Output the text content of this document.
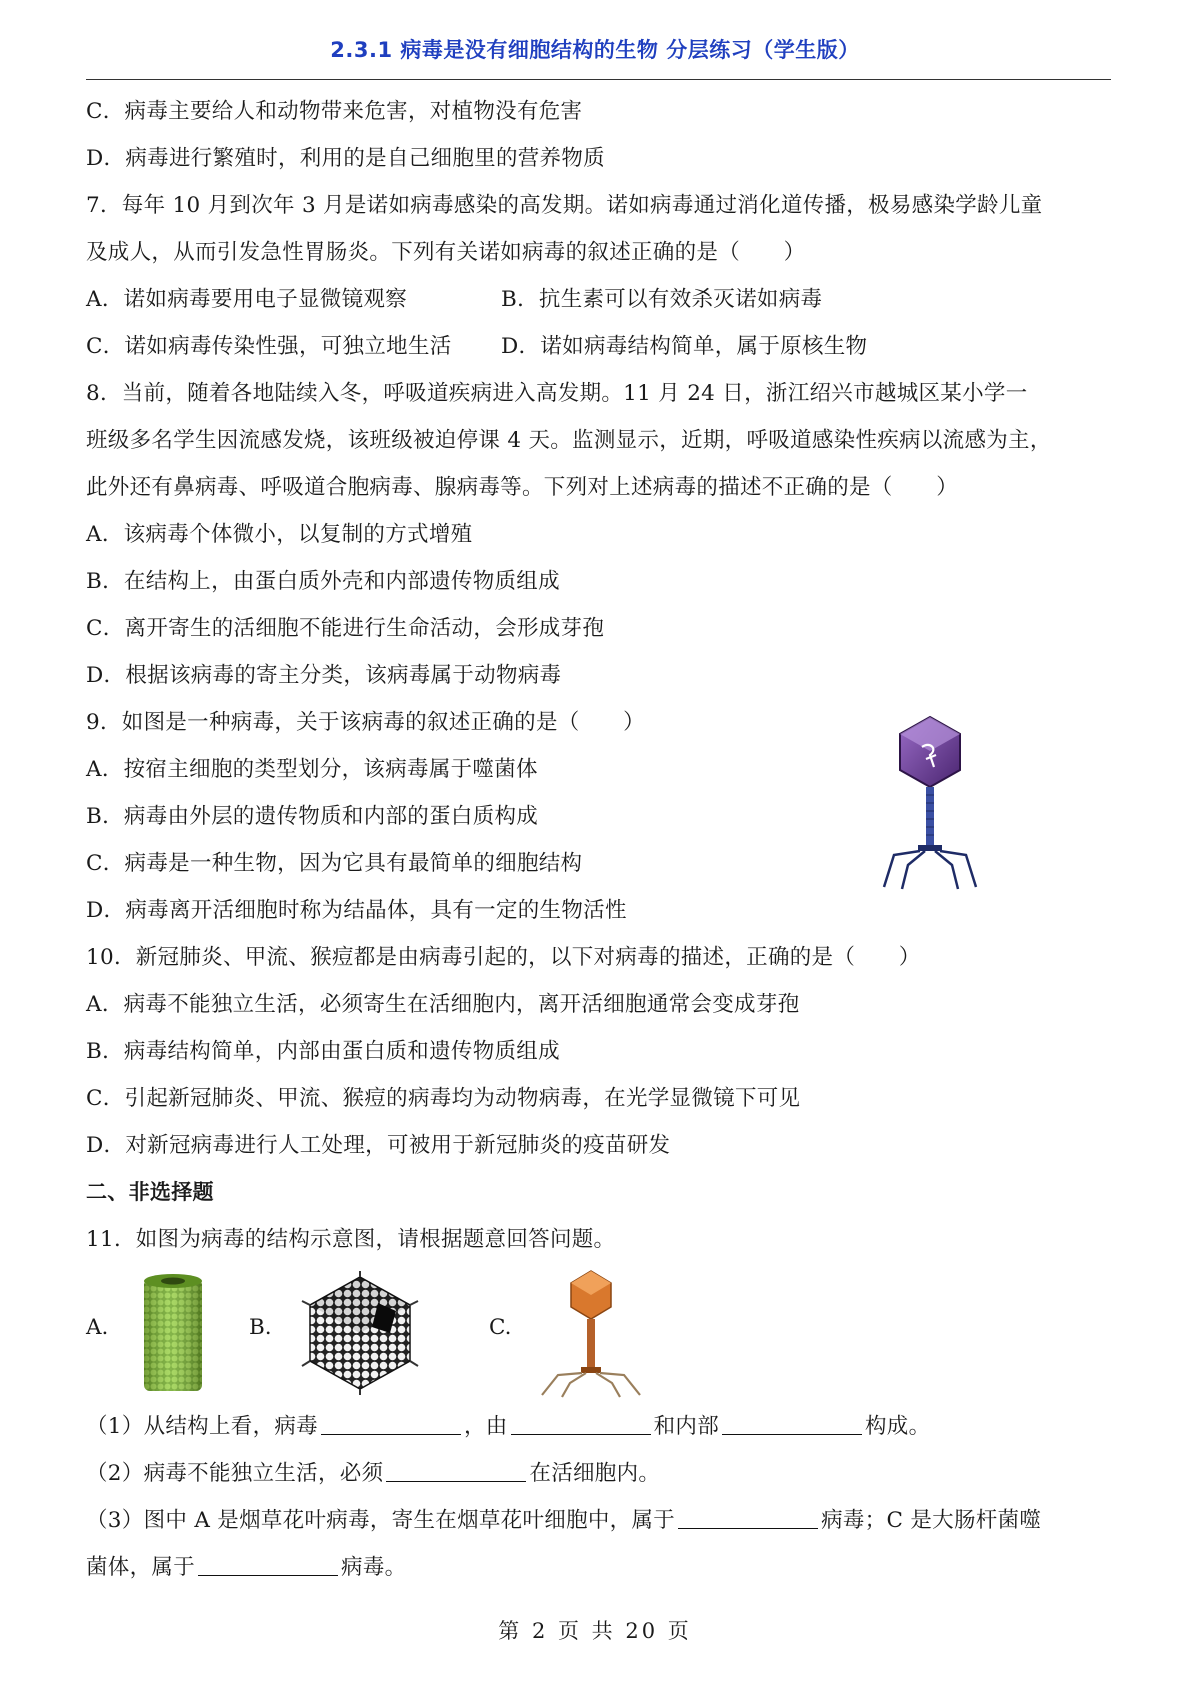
2.3.1 病毒是没有细胞结构的生物 分层练习（学生版）
C．病毒主要给人和动物带来危害，对植物没有危害
D．病毒进行繁殖时，利用的是自己细胞里的营养物质
7．每年 10 月到次年 3 月是诺如病毒感染的高发期。诺如病毒通过消化道传播，极易感染学龄儿童
及成人，从而引发急性胃肠炎。下列有关诺如病毒的叙述正确的是（　　）
A．诺如病毒要用电子显微镜观察	B．抗生素可以有效杀灭诺如病毒
C．诺如病毒传染性强，可独立地生活	D．诺如病毒结构简单，属于原核生物
8．当前，随着各地陆续入冬，呼吸道疾病进入高发期。11 月 24 日，浙江绍兴市越城区某小学一
班级多名学生因流感发烧，该班级被迫停课 4 天。监测显示，近期，呼吸道感染性疾病以流感为主，
此外还有鼻病毒、呼吸道合胞病毒、腺病毒等。下列对上述病毒的描述不正确的是（　　）
A．该病毒个体微小，以复制的方式增殖
B．在结构上，由蛋白质外壳和内部遗传物质组成
C．离开寄生的活细胞不能进行生命活动，会形成芽孢
D．根据该病毒的寄主分类，该病毒属于动物病毒
9．如图是一种病毒，关于该病毒的叙述正确的是（　　）
A．按宿主细胞的类型划分，该病毒属于噬菌体
B．病毒由外层的遗传物质和内部的蛋白质构成
C．病毒是一种生物，因为它具有最简单的细胞结构
D．病毒离开活细胞时称为结晶体，具有一定的生物活性
10．新冠肺炎、甲流、猴痘都是由病毒引起的，以下对病毒的描述，正确的是（　　）
A．病毒不能独立生活，必须寄生在活细胞内，离开活细胞通常会变成芽孢
B．病毒结构简单，内部由蛋白质和遗传物质组成
C．引起新冠肺炎、甲流、猴痘的病毒均为动物病毒，在光学显微镜下可见
D．对新冠病毒进行人工处理，可被用于新冠肺炎的疫苗研发
二、非选择题
11．如图为病毒的结构示意图，请根据题意回答问题。
A.	B.	C.
（1）从结构上看，病毒	，由	和内部	构成。
（2）病毒不能独立生活，必须	在活细胞内。
（3）图中 A 是烟草花叶病毒，寄生在烟草花叶细胞中，属于	病毒；C 是大肠杆菌噬
菌体，属于	病毒。
第 2 页 共 20 页
